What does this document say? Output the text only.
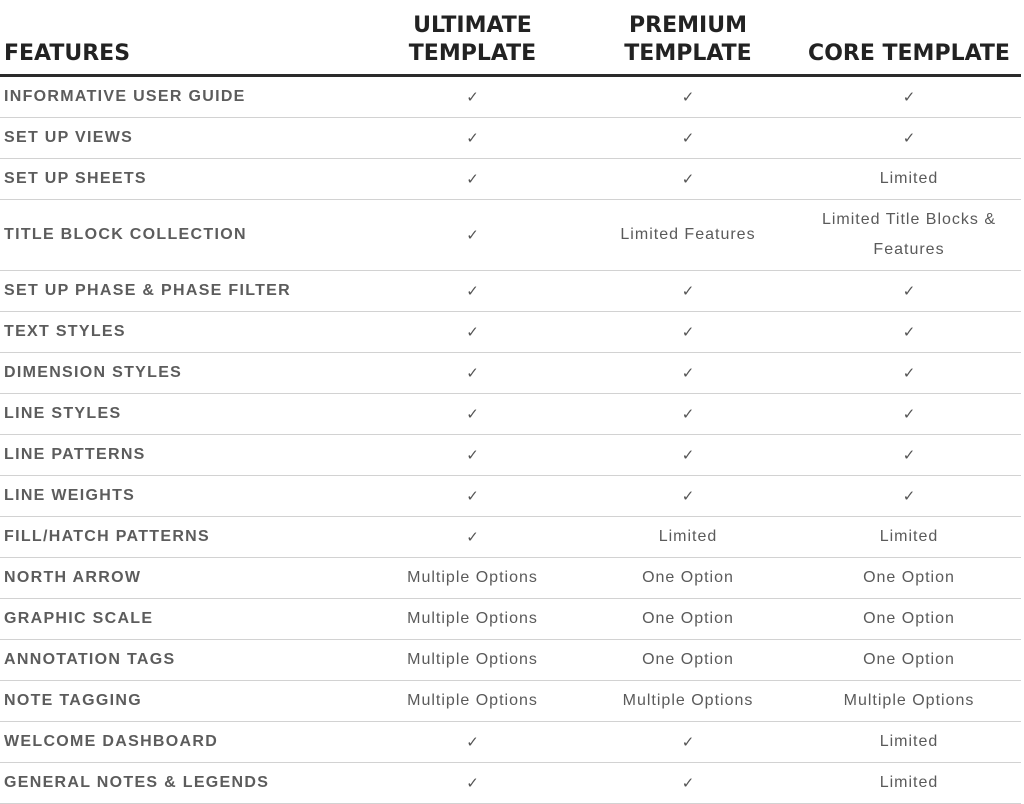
FEATURES	ULTIMATE TEMPLATE	PREMIUM TEMPLATE	CORE TEMPLATE
INFORMATIVE USER GUIDE	✓	✓	✓
SET UP VIEWS	✓	✓	✓
SET UP SHEETS	✓	✓	Limited
TITLE BLOCK COLLECTION	✓	Limited Features	Limited Title Blocks & Features
SET UP PHASE & PHASE FILTER	✓	✓	✓
TEXT STYLES	✓	✓	✓
DIMENSION STYLES	✓	✓	✓
LINE STYLES	✓	✓	✓
LINE PATTERNS	✓	✓	✓
LINE WEIGHTS	✓	✓	✓
FILL/HATCH PATTERNS	✓	Limited	Limited
NORTH ARROW	Multiple Options	One Option	One Option
GRAPHIC SCALE	Multiple Options	One Option	One Option
ANNOTATION TAGS	Multiple Options	One Option	One Option
NOTE TAGGING	Multiple Options	Multiple Options	Multiple Options
WELCOME DASHBOARD	✓	✓	Limited
GENERAL NOTES & LEGENDS	✓	✓	Limited
